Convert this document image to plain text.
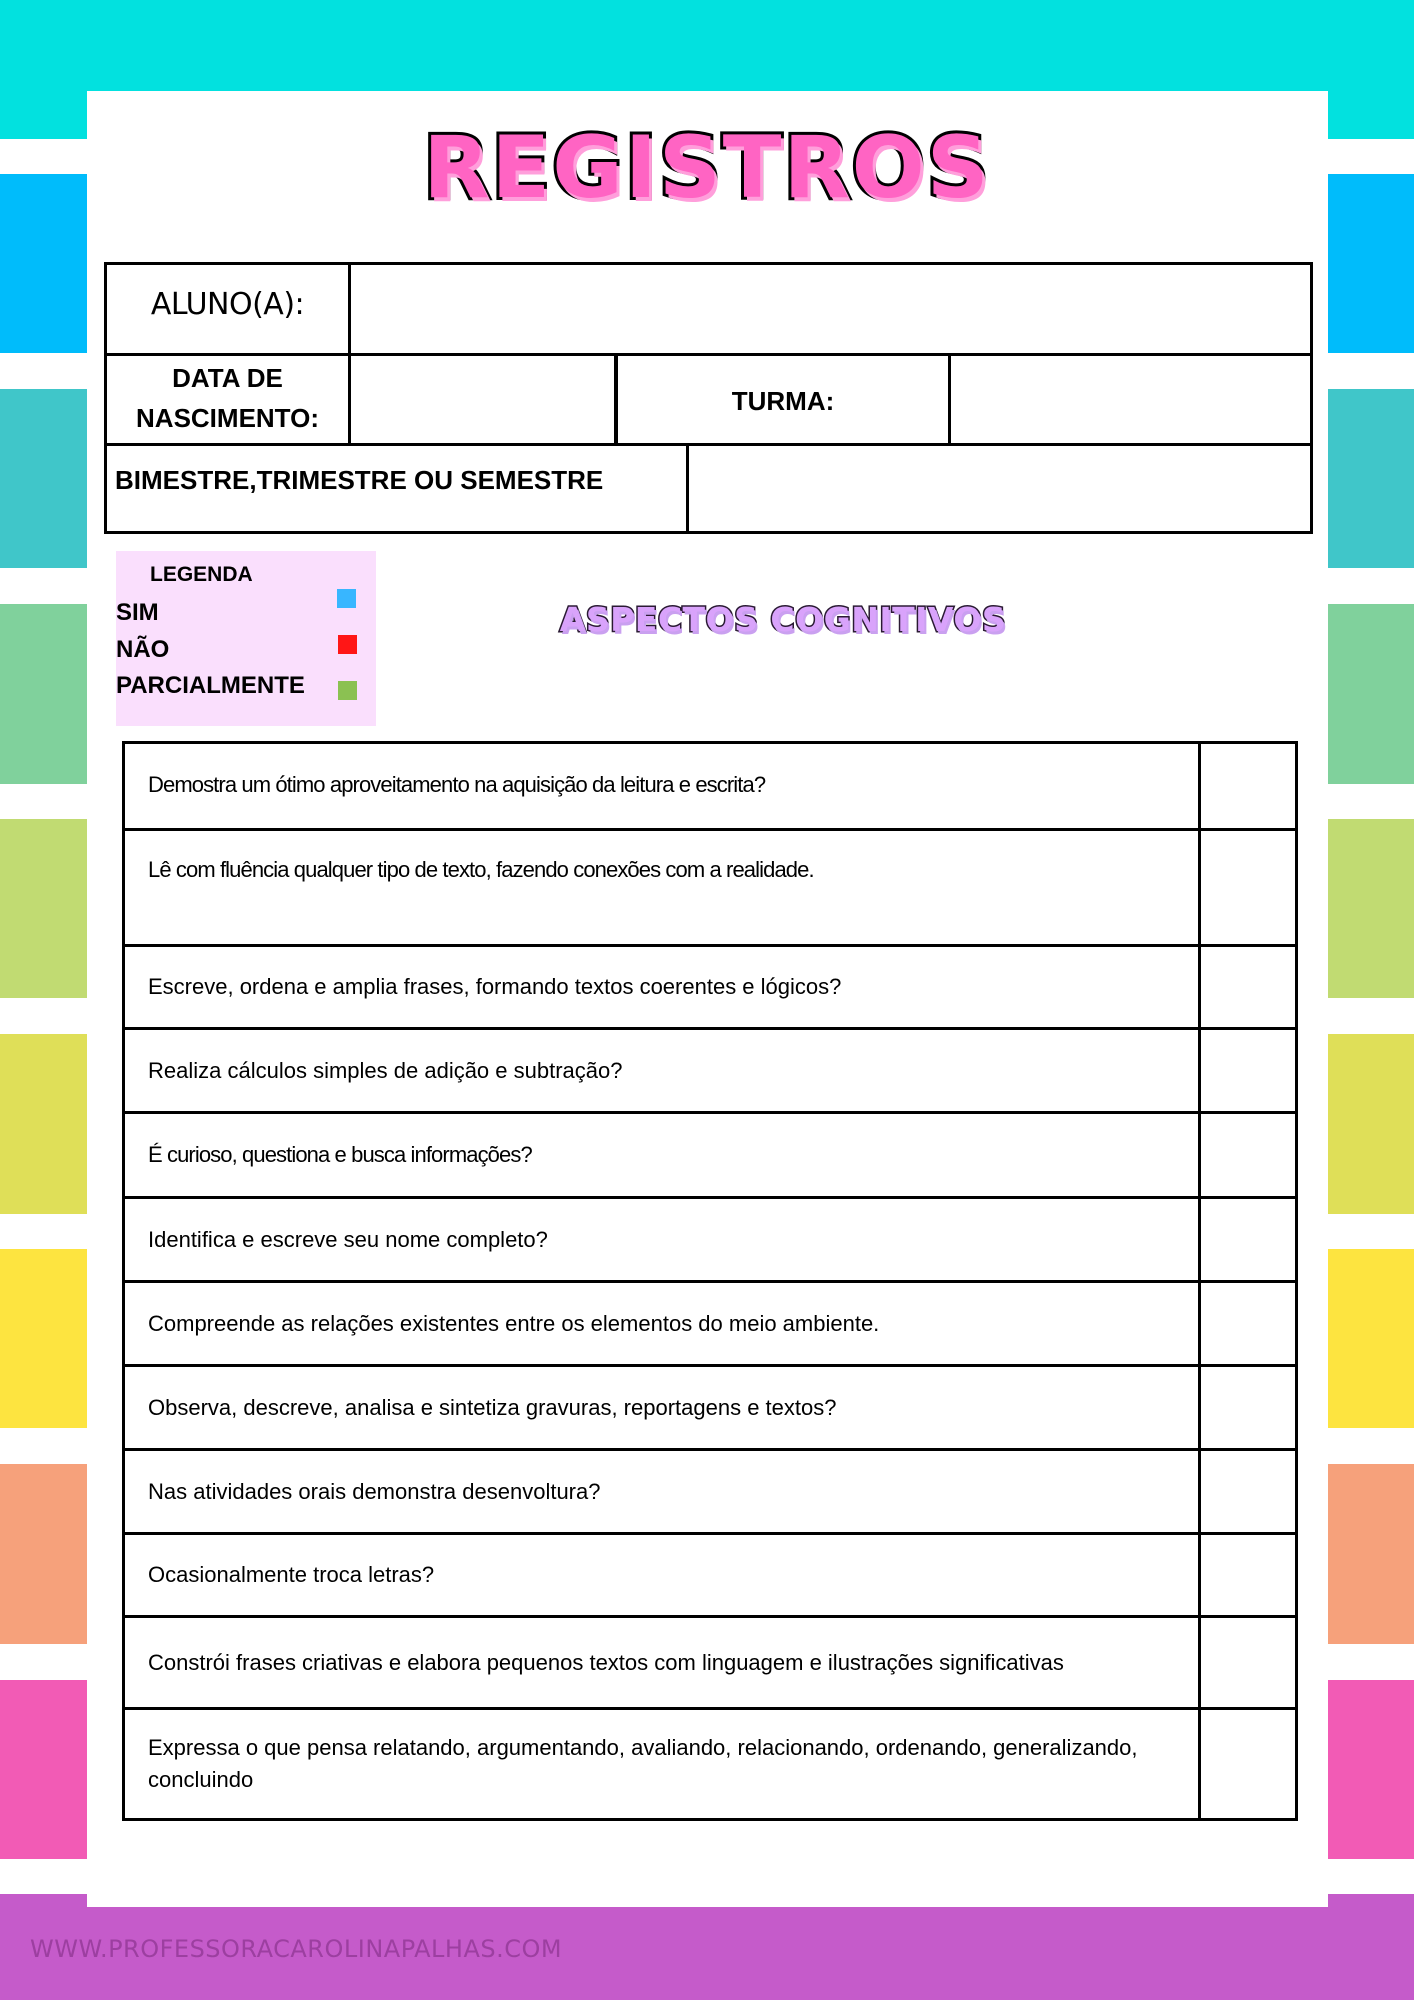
WWW.PROFESSORACAROLINAPALHAS.COM
REGISTROS
ALUNO(A):
DATA DE
NASCIMENTO:
TURMA:
BIMESTRE,TRIMESTRE OU SEMESTRE
LEGENDA
SIM
NÃO
PARCIALMENTE
ASPECTOS COGNITIVOS
Demostra um ótimo aproveitamento na aquisição da leitura e escrita?
Lê com fluência qualquer tipo de texto, fazendo conexões com a realidade.
Escreve, ordena e amplia frases, formando textos coerentes e lógicos?
Realiza cálculos simples de adição e subtração?
É curioso, questiona e busca informações?
Identifica e escreve seu nome completo?
Compreende as relações existentes entre os elementos do meio ambiente.
Observa, descreve, analisa e sintetiza gravuras, reportagens e textos?
Nas atividades orais demonstra desenvoltura?
Ocasionalmente troca letras?
Constrói frases criativas e elabora pequenos textos com linguagem e ilustrações significativas
Expressa o que pensa relatando, argumentando, avaliando, relacionando, ordenando, generalizando, concluindo
